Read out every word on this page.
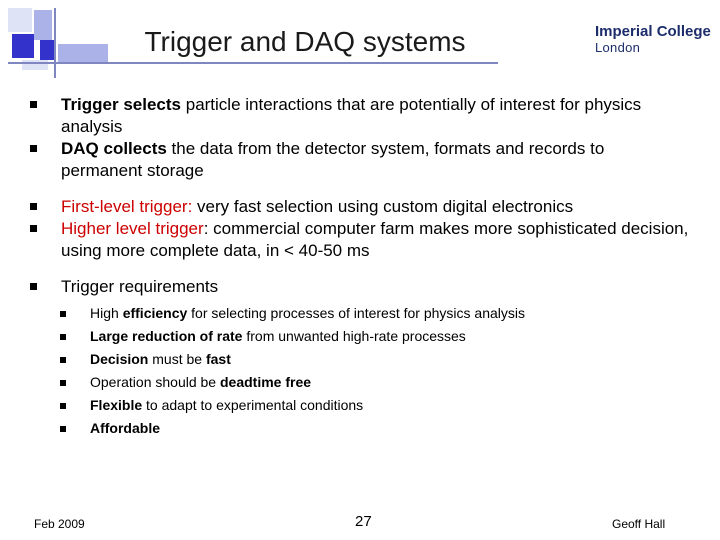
Trigger and DAQ systems	Imperial College
London
Trigger selects particle interactions that are potentially of interest for physics analysis
DAQ collects the data from the detector system, formats and records to permanent storage
First-level trigger: very fast selection using custom digital electronics
Higher level trigger: commercial computer farm makes more sophisticated decision, using more complete data, in < 40-50 ms
Trigger requirements
High efficiency for selecting processes of interest for physics analysis
Large reduction of rate from unwanted high-rate processes
Decision must be fast
Operation should be deadtime free
Flexible to adapt to experimental conditions
Affordable
Feb 2009	27	Geoff Hall
